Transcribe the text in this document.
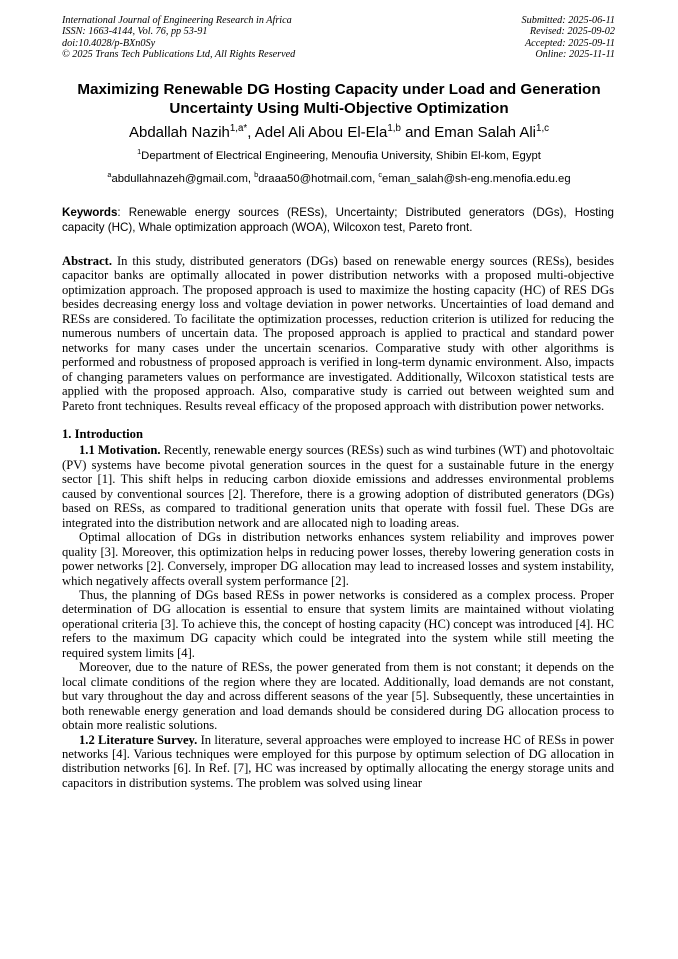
International Journal of Engineering Research in Africa
ISSN: 1663-4144, Vol. 76, pp 53-91
doi:10.4028/p-BXn0Sy
© 2025 Trans Tech Publications Ltd, All Rights Reserved
Submitted: 2025-06-11
Revised: 2025-09-02
Accepted: 2025-09-11
Online: 2025-11-11
Maximizing Renewable DG Hosting Capacity under Load and Generation Uncertainty Using Multi-Objective Optimization
Abdallah Nazih$^{1,a*}$, Adel Ali Abou El-Ela$^{1,b}$ and Eman Salah Ali$^{1,c}$
$^1$Department of Electrical Engineering, Menoufia University, Shibin El-kom, Egypt
$^a$abdullahnazeh@gmail.com, $^b$draaa50@hotmail.com, $^c$eman_salah@sh-eng.menofia.edu.eg
Keywords: Renewable energy sources (RESs), Uncertainty; Distributed generators (DGs), Hosting capacity (HC), Whale optimization approach (WOA), Wilcoxon test, Pareto front.

Abstract. In this study, distributed generators (DGs) based on renewable energy sources (RESs), besides capacitor banks are optimally allocated in power distribution networks with a proposed multi-objective optimization approach. The proposed approach is used to maximize the hosting capacity (HC) of RES DGs besides decreasing energy loss and voltage deviation in power networks. Uncertainties of load demand and RESs are considered. To facilitate the optimization processes, reduction criterion is utilized for reducing the numerous numbers of uncertain data. The proposed approach is applied to practical and standard power networks for many cases under the uncertain scenarios. Comparative study with other algorithms is performed and robustness of proposed approach is verified in long-term dynamic environment. Also, impacts of changing parameters values on performance are investigated. Additionally, Wilcoxon statistical tests are applied with the proposed approach. Also, comparative study is carried out between weighted sum and Pareto front techniques. Results reveal efficacy of the proposed approach with distribution power networks.

1. Introduction

1.1 Motivation. Recently, renewable energy sources (RESs) such as wind turbines (WT) and photovoltaic (PV) systems have become pivotal generation sources in the quest for a sustainable future in the energy sector [1]. This shift helps in reducing carbon dioxide emissions and addresses environmental problems caused by conventional sources [2]. Therefore, there is a growing adoption of distributed generators (DGs) based on RESs, as compared to traditional generation units that operate with fossil fuel. These DGs are integrated into the distribution network and are allocated nigh to loading areas.

Optimal allocation of DGs in distribution networks enhances system reliability and improves power quality [3]. Moreover, this optimization helps in reducing power losses, thereby lowering generation costs in power networks [2]. Conversely, improper DG allocation may lead to increased losses and system instability, which negatively affects overall system performance [2].

Thus, the planning of DGs based RESs in power networks is considered as a complex process. Proper determination of DG allocation is essential to ensure that system limits are maintained without violating operational criteria [3]. To achieve this, the concept of hosting capacity (HC) concept was introduced [4]. HC refers to the maximum DG capacity which could be integrated into the system while still meeting the required system limits [4].

Moreover, due to the nature of RESs, the power generated from them is not constant; it depends on the local climate conditions of the region where they are located. Additionally, load demands are not constant, but vary throughout the day and across different seasons of the year [5]. Subsequently, these uncertainties in both renewable energy generation and load demands should be considered during DG allocation process to obtain more realistic solutions.

1.2 Literature Survey. In literature, several approaches were employed to increase HC of RESs in power networks [4]. Various techniques were employed for this purpose by optimum selection of DG allocation in distribution networks [6]. In Ref. [7], HC was increased by optimally allocating the energy storage units and capacitors in distribution systems. The problem was solved using linear
